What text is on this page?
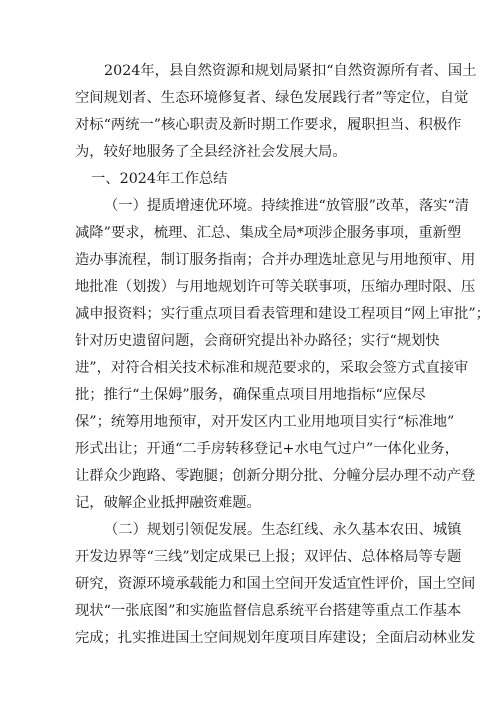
2024年，县自然资源和规划局紧扣“自然资源所有者、国土
空间规划者、生态环境修复者、绿色发展践行者”等定位，自觉
对标“两统一”核心职责及新时期工作要求，履职担当、积极作
为，较好地服务了全县经济社会发展大局。
一、2024年工作总结
（一）提质增速优环境。持续推进“放管服”改革，落实“清
减降”要求，梳理、汇总、集成全局*项涉企服务事项，重新塑
造办事流程，制订服务指南；合并办理选址意见与用地预审、用
地批准（划拨）与用地规划许可等关联事项，压缩办理时限、压
减申报资料；实行重点项目看表管理和建设工程项目“网上审批”；
针对历史遗留问题，会商研究提出补办路径；实行“规划快
进”，对符合相关技术标准和规范要求的，采取会签方式直接审
批；推行“土保姆”服务，确保重点项目用地指标“应保尽
保”；统筹用地预审，对开发区内工业用地项目实行“标准地”
形式出让；开通“二手房转移登记+水电气过户”一体化业务，
让群众少跑路、零跑腿；创新分期分批、分幢分层办理不动产登
记，破解企业抵押融资难题。
（二）规划引领促发展。生态红线、永久基本农田、城镇
开发边界等“三线”划定成果已上报；双评估、总体格局等专题
研究，资源环境承载能力和国土空间开发适宜性评价，国土空间
现状“一张底图”和实施监督信息系统平台搭建等重点工作基本
完成；扎实推进国土空间规划年度项目库建设；全面启动林业发
